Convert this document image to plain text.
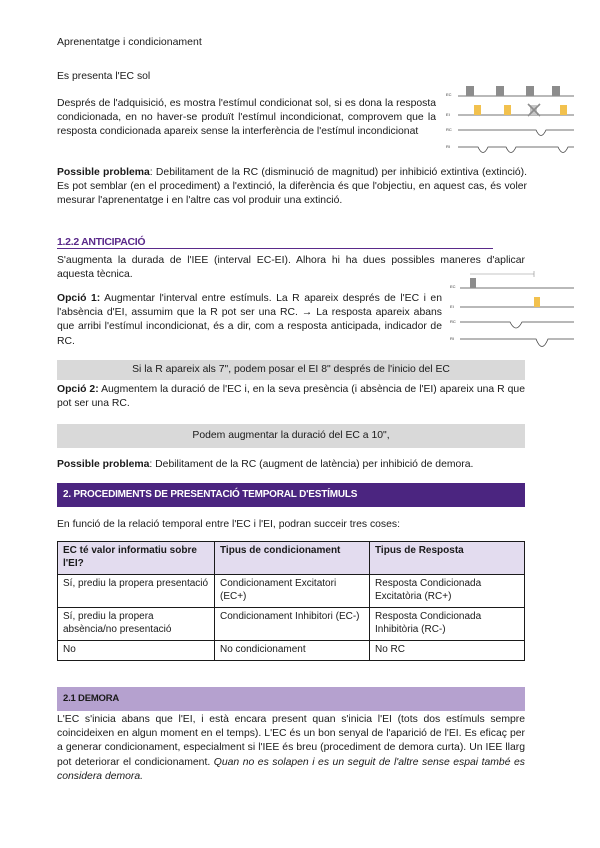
Aprenentatge i condicionament
Es presenta l'EC sol
Després de l'adquisició, es mostra l'estímul condicionat sol, si es dona la resposta condicionada, en no haver-se produït l'estímul incondicionat, comprovem que la resposta condicionada apareix sense la interferència de l'estímul incondicionat
EC
EI
RC
RI
Possible problema: Debilitament de la RC (disminució de magnitud) per inhibició extintiva (extinció). Es pot semblar (en el procediment) a l'extinció, la diferència és que l'objectiu, en aquest cas, és voler mesurar l'aprenentatge i en l'altre cas vol produir una extinció.
1.2.2 ANTICIPACIÓ
S'augmenta la durada de l'IEE (interval EC-EI). Alhora hi ha dues possibles maneres d'aplicar aquesta tècnica.
Opció 1: Augmentar l'interval entre estímuls. La R apareix després de l'EC i en l'absència d'EI, assumim que la R pot ser una RC. → La resposta apareix abans que arribi l'estímul incondicionat, és a dir, com a resposta anticipada, indicador de RC.
EC
EI
RC
RI
Si la R apareix als 7", podem posar el EI 8" després de l'inicio del EC
Opció 2: Augmentem la duració de l'EC i, en la seva presència (i absència de l'EI) apareix una R que pot ser una RC.
Podem augmentar la duració del EC a 10",
Possible problema: Debilitament de la RC (augment de latència) per inhibició de demora.
2. PROCEDIMENTS DE PRESENTACIÓ TEMPORAL D'ESTÍMULS
En funció de la relació temporal entre l'EC i l'EI, podran succeir tres coses:
EC té valor informatiu sobre l'EI?	Tipus de condicionament	Tipus de Resposta
Sí, prediu la propera presentació	Condicionament Excitatori (EC+)	Resposta Condicionada Excitatòria (RC+)
Sí, prediu la propera absència/no presentació	Condicionament Inhibitori (EC-)	Resposta Condicionada Inhibitòria (RC-)
No	No condicionament	No RC
2.1 DEMORA
L'EC s'inicia abans que l'EI, i està encara present quan s'inicia l'EI (tots dos estímuls sempre coincideixen en algun moment en el temps). L'EC és un bon senyal de l'aparició de l'EI. Es eficaç per a generar condicionament, especialment si l'IEE és breu (procediment de demora curta). Un IEE llarg pot deteriorar el condicionament. Quan no es solapen i es un seguit de l'altre sense espai també es considera demora.
